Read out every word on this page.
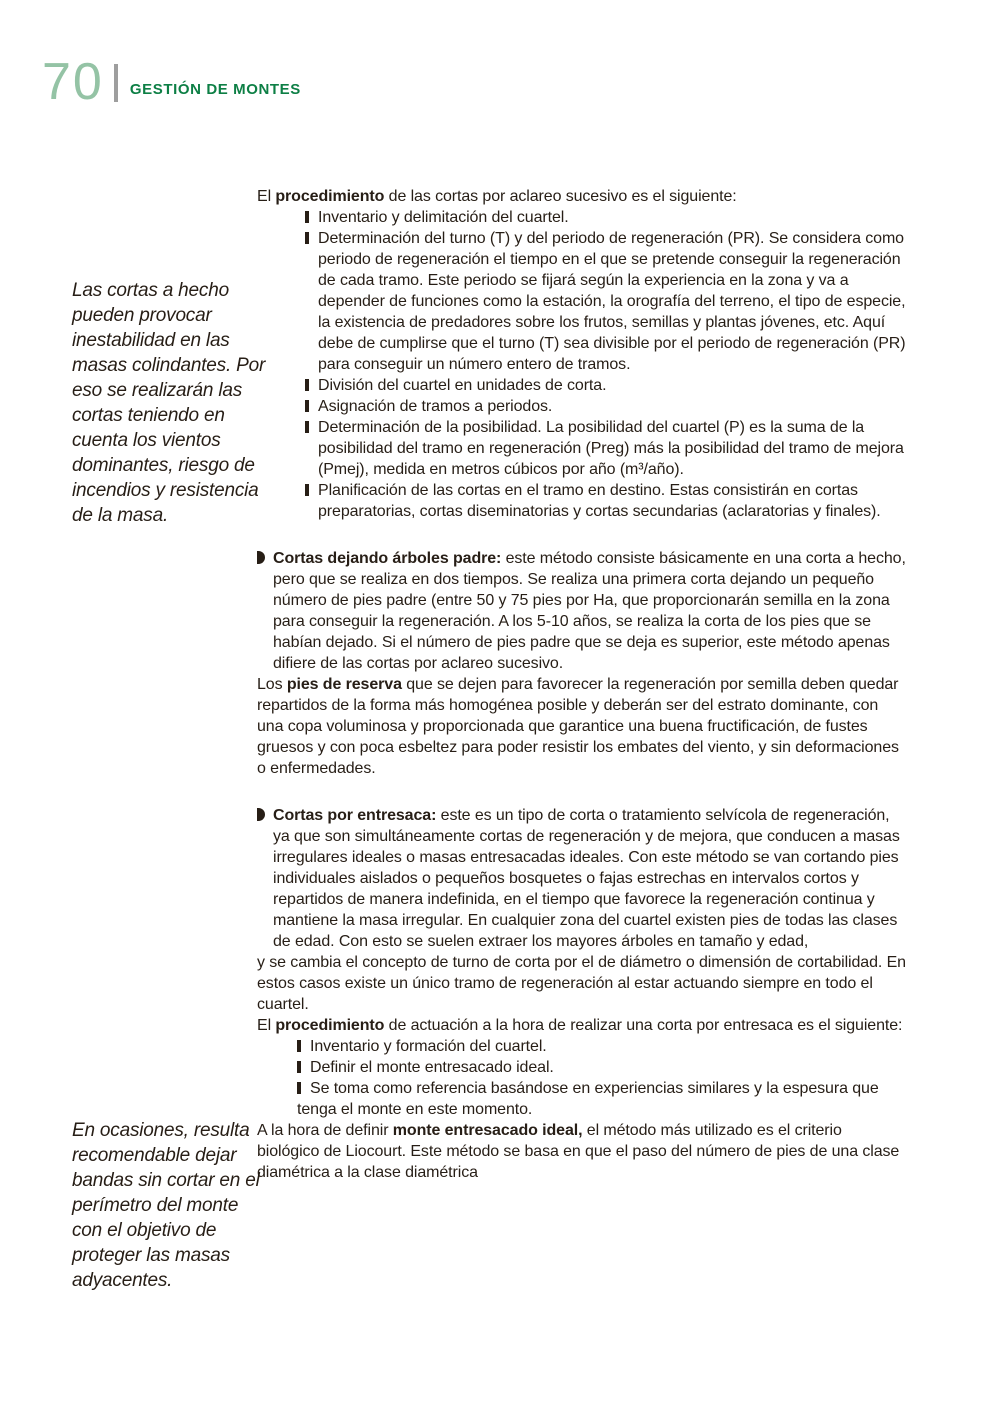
70 GESTIÓN DE MONTES
Las cortas a hecho pueden provocar inestabilidad en las masas colindantes. Por eso se realizarán las cortas teniendo en cuenta los vientos dominantes, riesgo de incendios y resistencia de la masa.
En ocasiones, resulta recomendable dejar bandas sin cortar en el perímetro del monte con el objetivo de proteger las masas adyacentes.

El procedimiento de las cortas por aclareo sucesivo es el siguiente:

Inventario y delimitación del cuartel.
Determinación del turno (T) y del periodo de regeneración (PR). Se considera como periodo de regeneración el tiempo en el que se pretende conseguir la regeneración de cada tramo. Este periodo se fijará según la experiencia en la zona y va a depender de funciones como la estación, la orografía del terreno, el tipo de especie, la existencia de predadores sobre los frutos, semillas y plantas jóvenes, etc. Aquí debe de cumplirse que el turno (T) sea divisible por el periodo de regeneración (PR) para conseguir un número entero de tramos.
División del cuartel en unidades de corta.
Asignación de tramos a periodos.
Determinación de la posibilidad. La posibilidad del cuartel (P) es la suma de la posibilidad del tramo en regeneración (Preg) más la posibilidad del tramo de mejora (Pmej), medida en metros cúbicos por año (m³/año).
Planificación de las cortas en el tramo en destino. Estas consistirán en cortas preparatorias, cortas diseminatorias y cortas secundarias (aclaratorias y finales).
Cortas dejando árboles padre: este método consiste básicamente en una corta a hecho, pero que se realiza en dos tiempos. Se realiza una primera corta dejando un pequeño número de pies padre (entre 50 y 75 pies por Ha, que proporcionarán semilla en la zona para conseguir la regeneración. A los 5-10 años, se realiza la corta de los pies que se habían dejado. Si el número de pies padre que se deja es superior, este método apenas difiere de las cortas por aclareo sucesivo.

Los pies de reserva que se dejen para favorecer la regeneración por semilla deben quedar repartidos de la forma más homogénea posible y deberán ser del estrato dominante, con una copa voluminosa y proporcionada que garantice una buena fructificación, de fustes gruesos y con poca esbeltez para poder resistir los embates del viento, y sin deformaciones o enfermedades.

Cortas por entresaca: este es un tipo de corta o tratamiento selvícola de regeneración, ya que son simultáneamente cortas de regeneración y de mejora, que conducen a masas irregulares ideales o masas entresacadas ideales. Con este método se van cortando pies individuales aislados o pequeños bosquetes o fajas estrechas en intervalos cortos y repartidos de manera indefinida, en el tiempo que favorece la regeneración continua y mantiene la masa irregular. En cualquier zona del cuartel existen pies de todas las clases de edad. Con esto se suelen extraer los mayores árboles en tamaño y edad,

y se cambia el concepto de turno de corta por el de diámetro o dimensión de cortabilidad. En estos casos existe un único tramo de regeneración al estar actuando siempre en todo el cuartel.

El procedimiento de actuación a la hora de realizar una corta por entresaca es el siguiente:

Inventario y formación del cuartel.
Definir el monte entresacado ideal.
Se toma como referencia basándose en experiencias similares y la espesura que tenga el monte en este momento.

A la hora de definir monte entresacado ideal, el método más utilizado es el criterio biológico de Liocourt. Este método se basa en que el paso del número de pies de una clase diamétrica a la clase diamétrica
